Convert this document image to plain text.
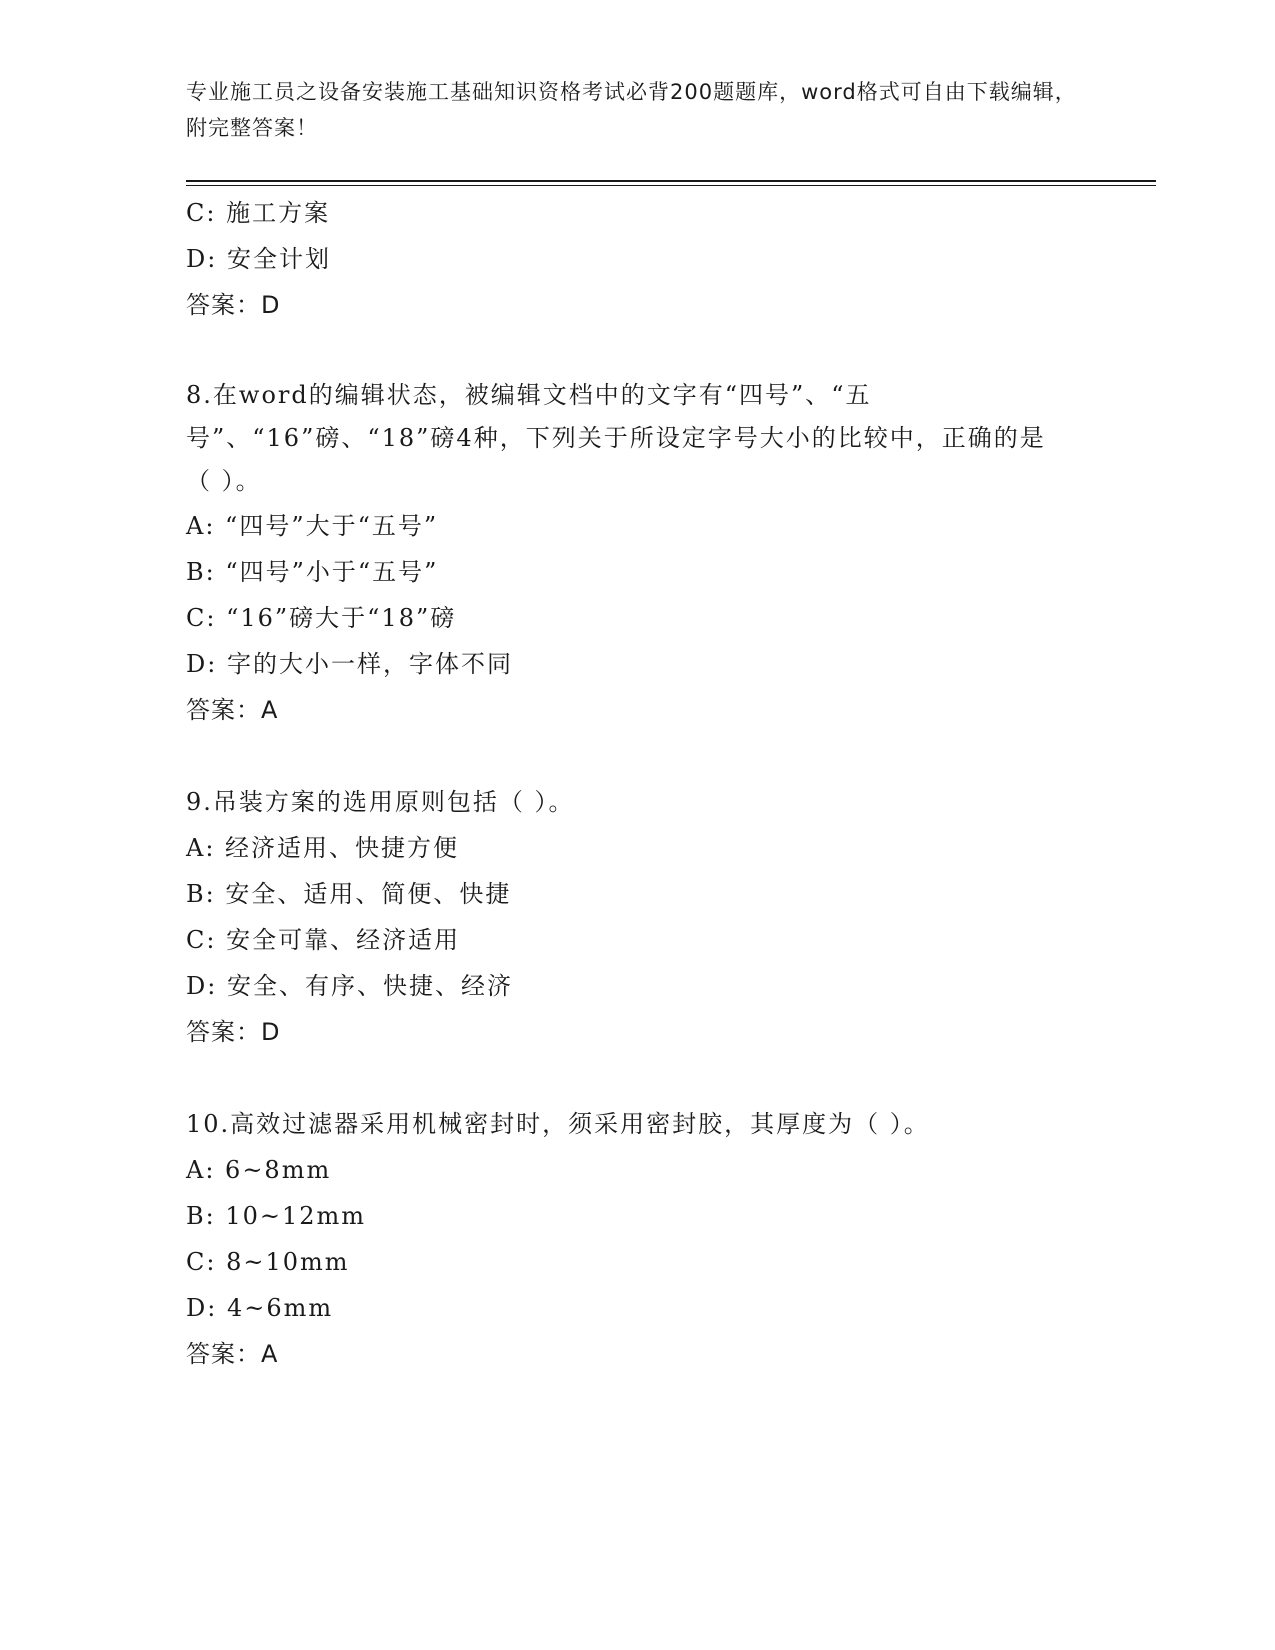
专业施工员之设备安装施工基础知识资格考试必背200题题库，word格式可自由下载编辑，附完整答案！
C: 施工方案
D: 安全计划
答案：D
8.在word的编辑状态，被编辑文档中的文字有“四号”、“五号”、“16”磅、“18”磅4种，下列关于所设定字号大小的比较中，正确的是（ ）。
A: “四号”大于“五号”
B: “四号”小于“五号”
C: “16”磅大于“18”磅
D: 字的大小一样，字体不同
答案：A
9.吊装方案的选用原则包括（ ）。
A: 经济适用、快捷方便
B: 安全、适用、简便、快捷
C: 安全可靠、经济适用
D: 安全、有序、快捷、经济
答案：D
10.高效过滤器采用机械密封时，须采用密封胶，其厚度为（ ）。
A: 6~8mm
B: 10~12mm
C: 8~10mm
D: 4~6mm
答案：A
